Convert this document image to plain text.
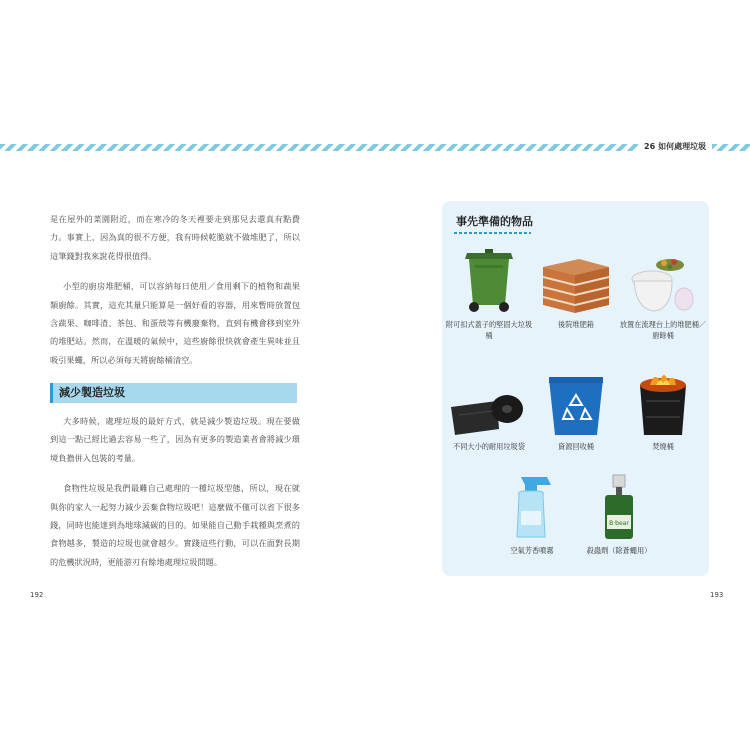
26 如何處理垃圾

是在屋外的菜園附近，而在寒冷的冬天裡要走到那兒去還真有點費力。事實上，因為真的很不方便，我有時候乾脆就不做堆肥了，所以這筆錢對我來說花得很值得。

小型的廚房堆肥桶，可以容納每日使用／食用剩下的植物和蔬果類廚餘。其實，這充其量只能算是一個好看的容器，用來暫時放置包含蔬果、咖啡渣、茶包、和蛋殼等有機廢棄物，直到有機會移到室外的堆肥站。然而，在溫暖的氣候中，這些廚餘很快就會產生異味並且吸引果蠅，所以必須每天將廚餘桶清空。

減少製造垃圾

大多時候，處理垃圾的最好方式，就是減少製造垃圾。現在要做到這一點已經比過去容易一些了，因為有更多的製造業者會將減少環境負擔併入包裝的考量。

食物性垃圾是我們最難自己處理的一種垃圾型態，所以，現在就與你的家人一起努力減少丟棄食物垃圾吧！這麼做不僅可以省下很多錢，同時也能達到為地球減碳的目的。如果能自己動手栽種與烹煮的食物越多，製造的垃圾也就會越少。實踐這些行動，可以在面對長期的危機狀況時，更能游刃有餘地處理垃圾問題。

192
事先準備的物品
附可扣式蓋子的堅固大垃圾桶
後院堆肥箱	放置在流理台上的堆肥桶／廚餘桶
不同大小的耐用垃圾袋	資源回收桶	焚燒桶
空氣芳香噴霧
B·bear
殺蟲劑（除蒼蠅用）
193
